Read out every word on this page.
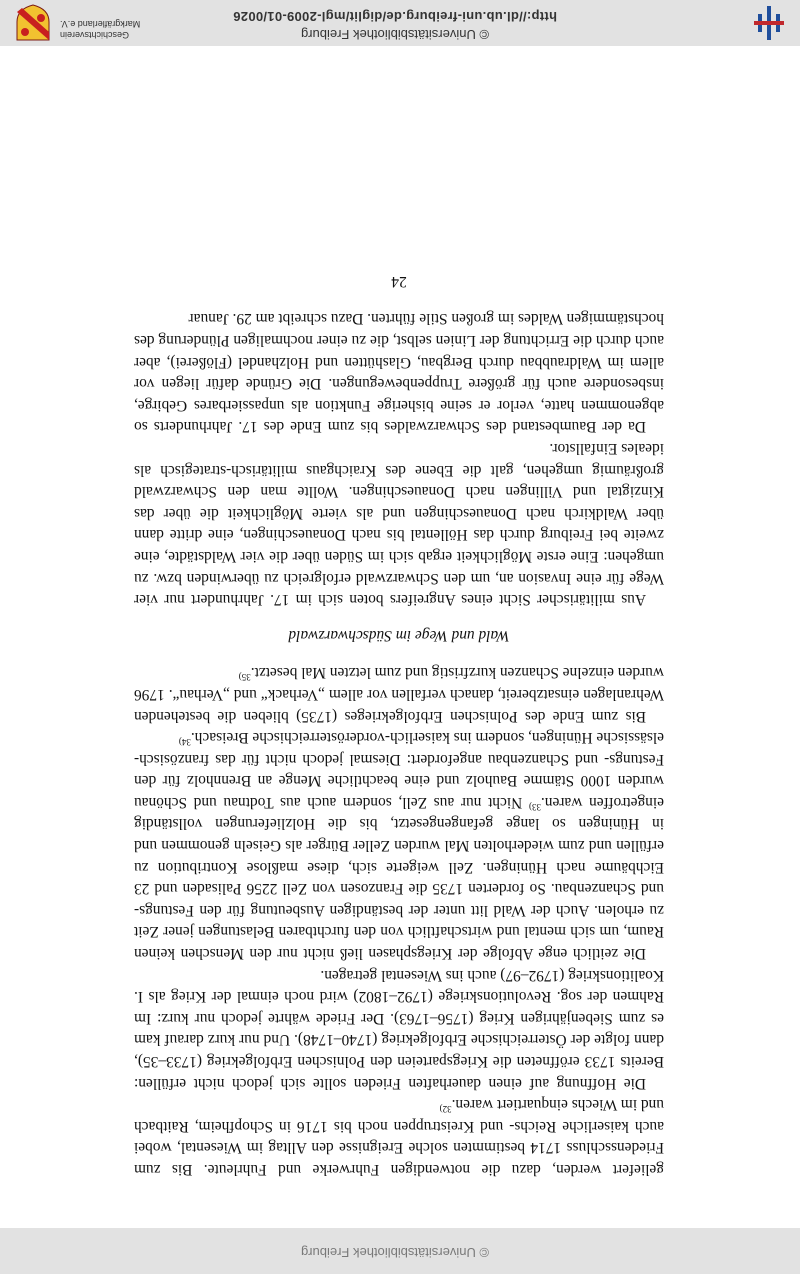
© Universitätsbibliothek Freiburg

geliefert werden, dazu die notwendigen Fuhrwerke und Fuhrleute. Bis zum Friedensschluss 1714 bestimmten solche Ereignisse den Alltag im Wiesental, wobei auch kaiserliche Reichs- und Kreistruppen noch bis 1716 in Schopfheim, Raitbach und im Wiechs einquartiert waren.$^{32)}$

Die Hoffnung auf einen dauerhaften Frieden sollte sich jedoch nicht erfüllen: Bereits 1733 eröffneten die Kriegsparteien den Polnischen Erbfolgekrieg (1733–35), dann folgte der Österreichische Erbfolgekrieg (1740–1748). Und nur kurz darauf kam es zum Siebenjährigen Krieg (1756–1763). Der Friede währte jedoch nur kurz: Im Rahmen der sog. Revolutionskriege (1792–1802) wird noch einmal der Krieg als I. Koalitionskrieg (1792–97) auch ins Wiesental getragen.

Die zeitlich enge Abfolge der Kriegsphasen ließ nicht nur den Menschen keinen Raum, um sich mental und wirtschaftlich von den furchtbaren Belastungen jener Zeit zu erholen. Auch der Wald litt unter der beständigen Ausbeutung für den Festungs- und Schanzenbau. So forderten 1735 die Franzosen von Zell 2256 Palisaden und 23 Eichbäume nach Hüningen. Zell weigerte sich, diese maßlose Kontribution zu erfüllen und zum wiederholten Mal wurden Zeller Bürger als Geiseln genommen und in Hüningen so lange gefangengesetzt, bis die Holzlieferungen vollständig eingetroffen waren.$^{33)}$ Nicht nur aus Zell, sondern auch aus Todtnau und Schönau wurden 1000 Stämme Bauholz und eine beachtliche Menge an Brennholz für den Festungs- und Schanzenbau angefordert: Diesmal jedoch nicht für das französisch-elsässische Hüningen, sondern ins kaiserlich-vorderösterreichische Breisach.$^{34)}$

Bis zum Ende des Polnischen Erbfolgekrieges (1735) blieben die bestehenden Wehranlagen einsatzbereit, danach verfallen vor allem „Verhack“ und „Verhau“. 1796 wurden einzelne Schanzen kurzfristig und zum letzten Mal besetzt.$^{35)}$

Wald und Wege im Südschwarzwald

Aus militärischer Sicht eines Angreifers boten sich im 17. Jahrhundert nur vier Wege für eine Invasion an, um den Schwarzwald erfolgreich zu überwinden bzw. zu umgehen: Eine erste Möglichkeit ergab sich im Süden über die vier Waldstädte, eine zweite bei Freiburg durch das Höllental bis nach Donaueschingen, eine dritte dann über Waldkirch nach Donaueschingen und als vierte Möglichkeit die über das Kinzigtal und Villingen nach Donaueschingen. Wollte man den Schwarzwald großräumig umgehen, galt die Ebene des Kraichgaus militärisch-strategisch als ideales Einfallstor.

Da der Baumbestand des Schwarzwaldes bis zum Ende des 17. Jahrhunderts so abgenommen hatte, verlor er seine bisherige Funktion als unpassierbares Gebirge, insbesondere auch für größere Truppenbewegungen. Die Gründe dafür liegen vor allem im Waldraubbau durch Bergbau, Glashütten und Holzhandel (Flößerei), aber auch durch die Errichtung der Linien selbst, die zu einer nochmaligen Plünderung des hochstämmigen Waldes im großen Stile führten. Dazu schreibt am 29. Januar

24
© Universitätsbibliothek Freiburg
http://dl.ub.uni-freiburg.de/diglit/mgl-2009-01/0026
Geschichtsverein
Markgräflerland e.V.
